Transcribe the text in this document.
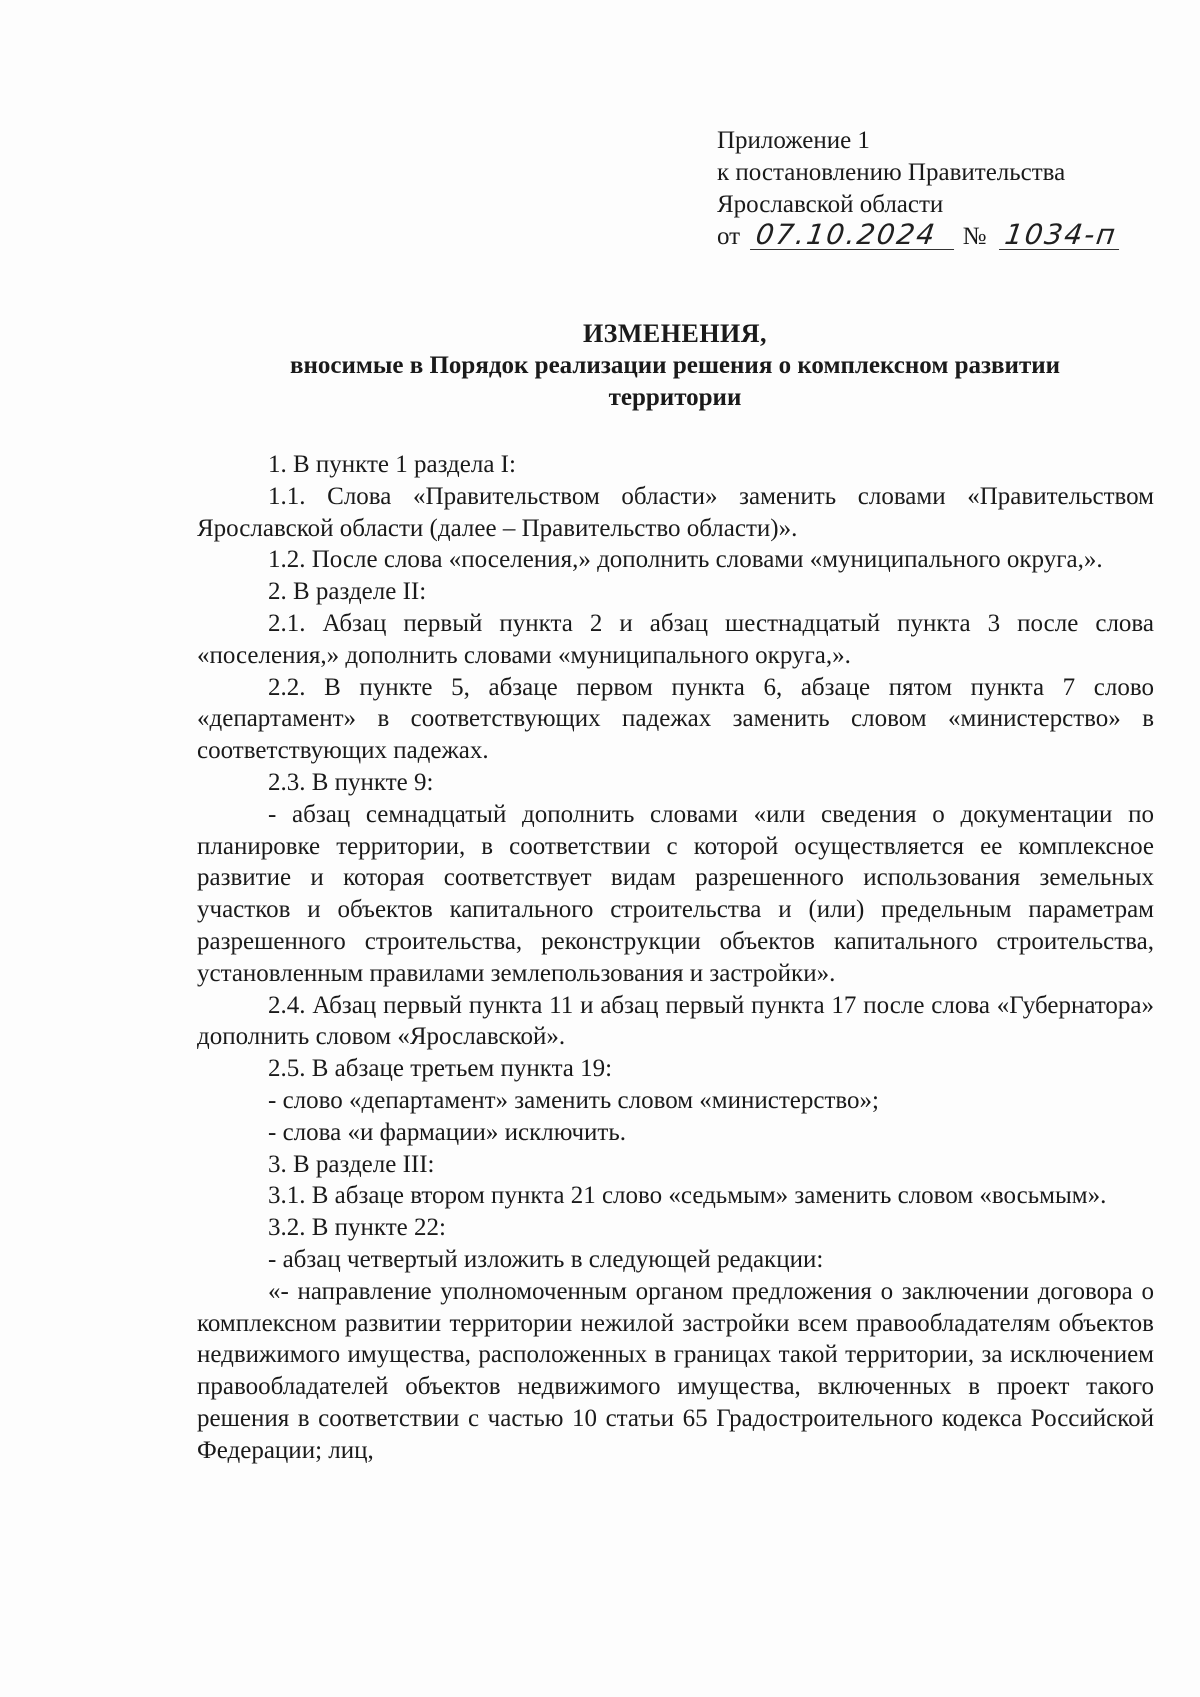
Приложение 1
к постановлению Правительства
Ярославской области
от 07.10.2024 № 1034-п
ИЗМЕНЕНИЯ,
вносимые в Порядок реализации решения о комплексном развитии
территории

1. В пункте 1 раздела I:

1.1. Слова «Правительством области» заменить словами «Правительством Ярославской области (далее – Правительство области)».

1.2. После слова «поселения,» дополнить словами «муниципального округа,».

2. В разделе II:

2.1. Абзац первый пункта 2 и абзац шестнадцатый пункта 3 после слова «поселения,» дополнить словами «муниципального округа,».

2.2. В пункте 5, абзаце первом пункта 6, абзаце пятом пункта 7 слово «департамент» в соответствующих падежах заменить словом «министерство» в соответствующих падежах.

2.3. В пункте 9:

- абзац семнадцатый дополнить словами «или сведения о документации по планировке территории, в соответствии с которой осуществляется ее комплексное развитие и которая соответствует видам разрешенного использования земельных участков и объектов капитального строительства и (или) предельным параметрам разрешенного строительства, реконструкции объектов капитального строительства, установленным правилами землепользования и застройки».

2.4. Абзац первый пункта 11 и абзац первый пункта 17 после слова «Губернатора» дополнить словом «Ярославской».

2.5. В абзаце третьем пункта 19:

- слово «департамент» заменить словом «министерство»;

- слова «и фармации» исключить.

3. В разделе III:

3.1. В абзаце втором пункта 21 слово «седьмым» заменить словом «восьмым».

3.2. В пункте 22:

- абзац четвертый изложить в следующей редакции:

«- направление уполномоченным органом предложения о заключении договора о комплексном развитии территории нежилой застройки всем правообладателям объектов недвижимого имущества, расположенных в границах такой территории, за исключением правообладателей объектов недвижимого имущества, включенных в проект такого решения в соответствии с частью 10 статьи 65 Градостроительного кодекса Российской Федерации; лиц,
